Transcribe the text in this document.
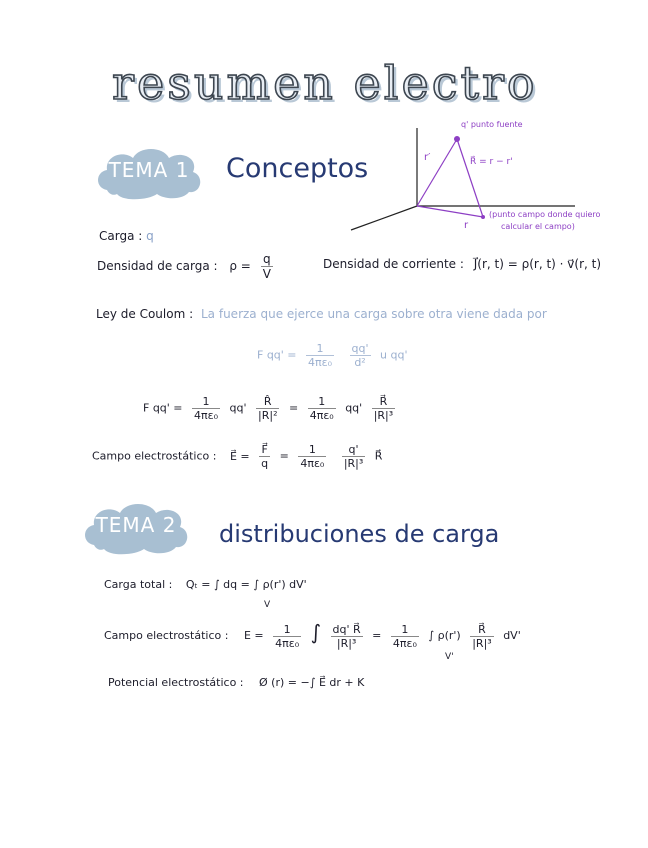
resumen electro
TEMA 1	Conceptos
q' punto fuente
r′	R⃗ = r − r'
r
(punto campo donde quiero
calcular el campo)
Carga : q
Densidad de carga : $\rho = \frac{q}{V}$	Densidad de corriente : J⃗(r, t) = ρ(r, t) · v⃗(r, t)
Ley de Coulom : La fuerza que ejerce una carga sobre otra viene dada por
F $qq' = \frac{1}{\text{4πε₀}}$
$\frac{qq'}{\text{d²}}$ u qq'
F $qq' = \frac{1}{\text{4πε₀}} qq' \frac{R̂}{\text{|R|²}} = \frac{1}{\text{4πε₀}} qq' \frac{R⃗}{\text{|R|³}}$
Campo electrostático : E⃗ = $\frac{F⃗}{q} = \frac{1}{\text{4πε₀}}$
$\frac{q'}{\text{|R|³}}$ R⃗
TEMA 2	distribuciones de carga
Carga total : Qₜ = ∫ dq = ∫ ρ(r') dV'
V
Campo electrostático : $E = \frac{1}{\text{4πε₀}}$ ∫ $\frac{dq' R⃗}{\text{|R|³}} = \frac{1}{\text{4πε₀}}$ ∫ $\rho(r') \frac{R⃗}{\text{|R|³}} dV'$
V'
Potencial electrostático : Ø (r) = −∫ E⃗ dr + K
